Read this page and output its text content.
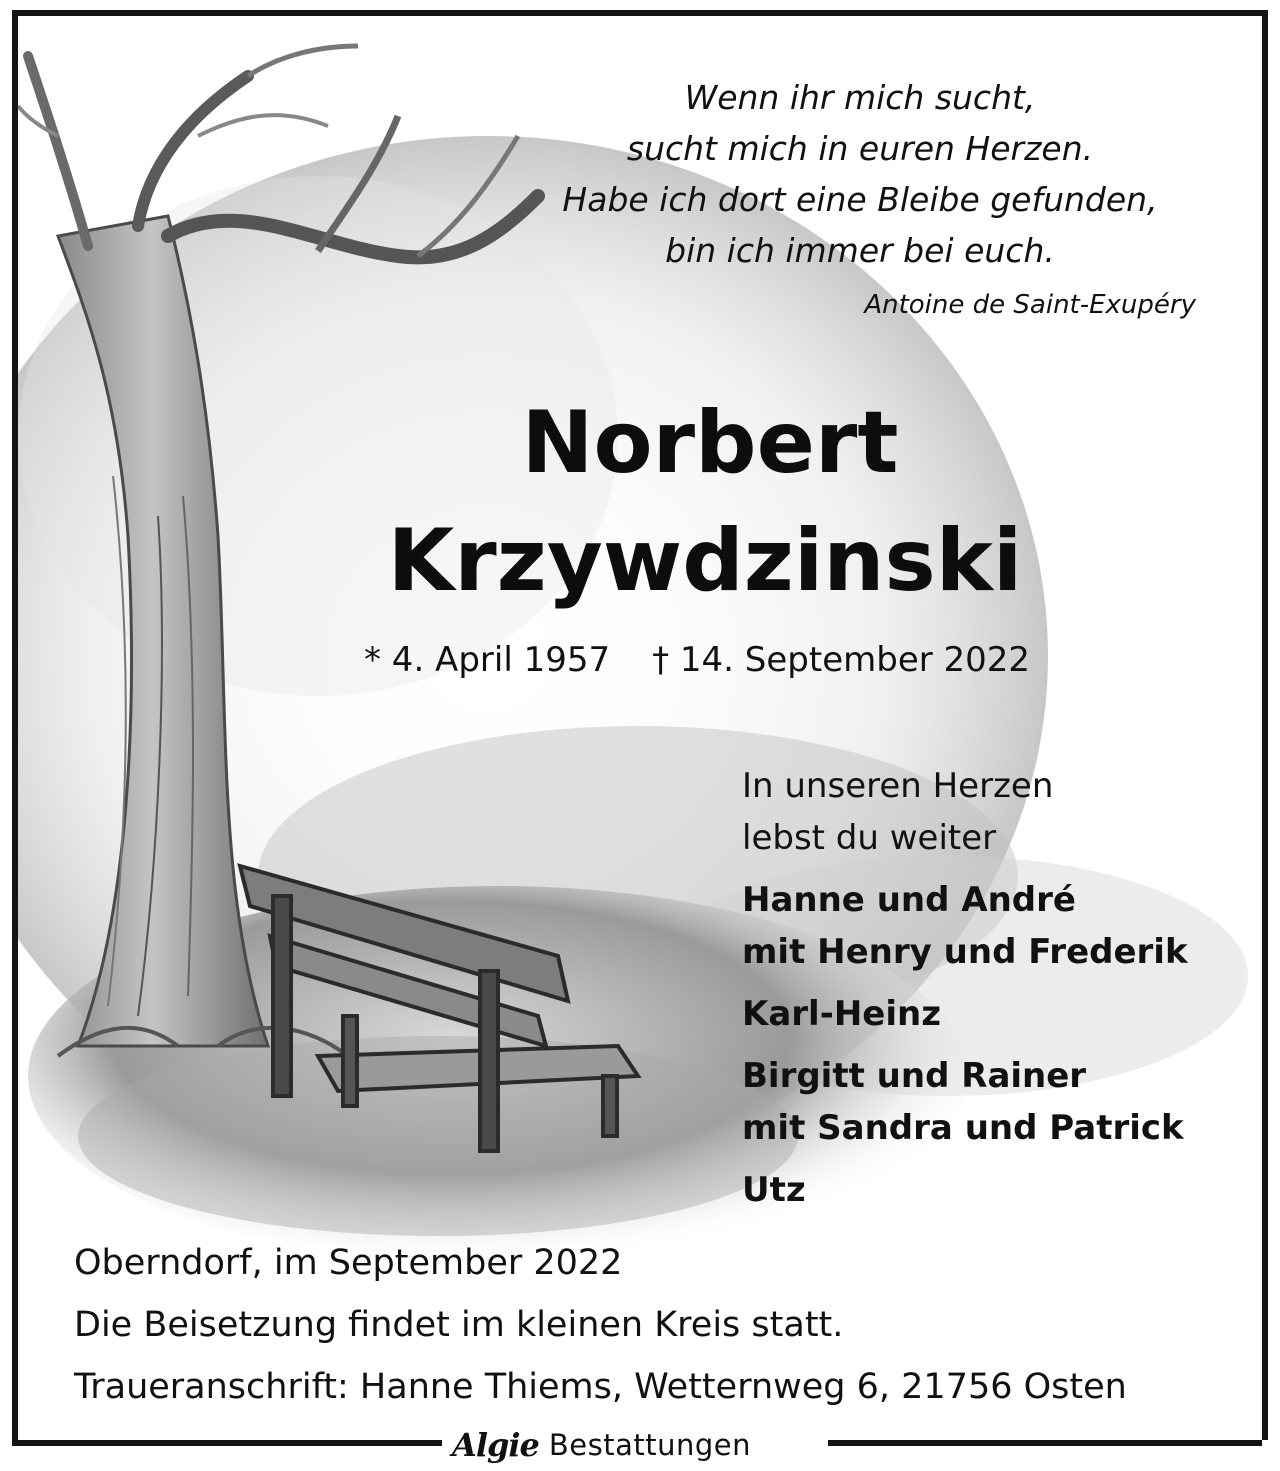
Wenn ihr mich sucht,
sucht mich in euren Herzen.
Habe ich dort eine Bleibe gefunden,
bin ich immer bei euch.
Antoine de Saint-Exupéry
Norbert
Krzywdzinski
* 4. April 1957 † 14. September 2022
In unseren Herzen
lebst du weiter
Hanne und André
mit Henry und Frederik
Karl-Heinz
Birgitt und Rainer
mit Sandra und Patrick
Utz
Oberndorf, im September 2022
Die Beisetzung findet im kleinen Kreis statt.
Traueranschrift: Hanne Thiems, Wetternweg 6, 21756 Osten
Algie Bestattungen
